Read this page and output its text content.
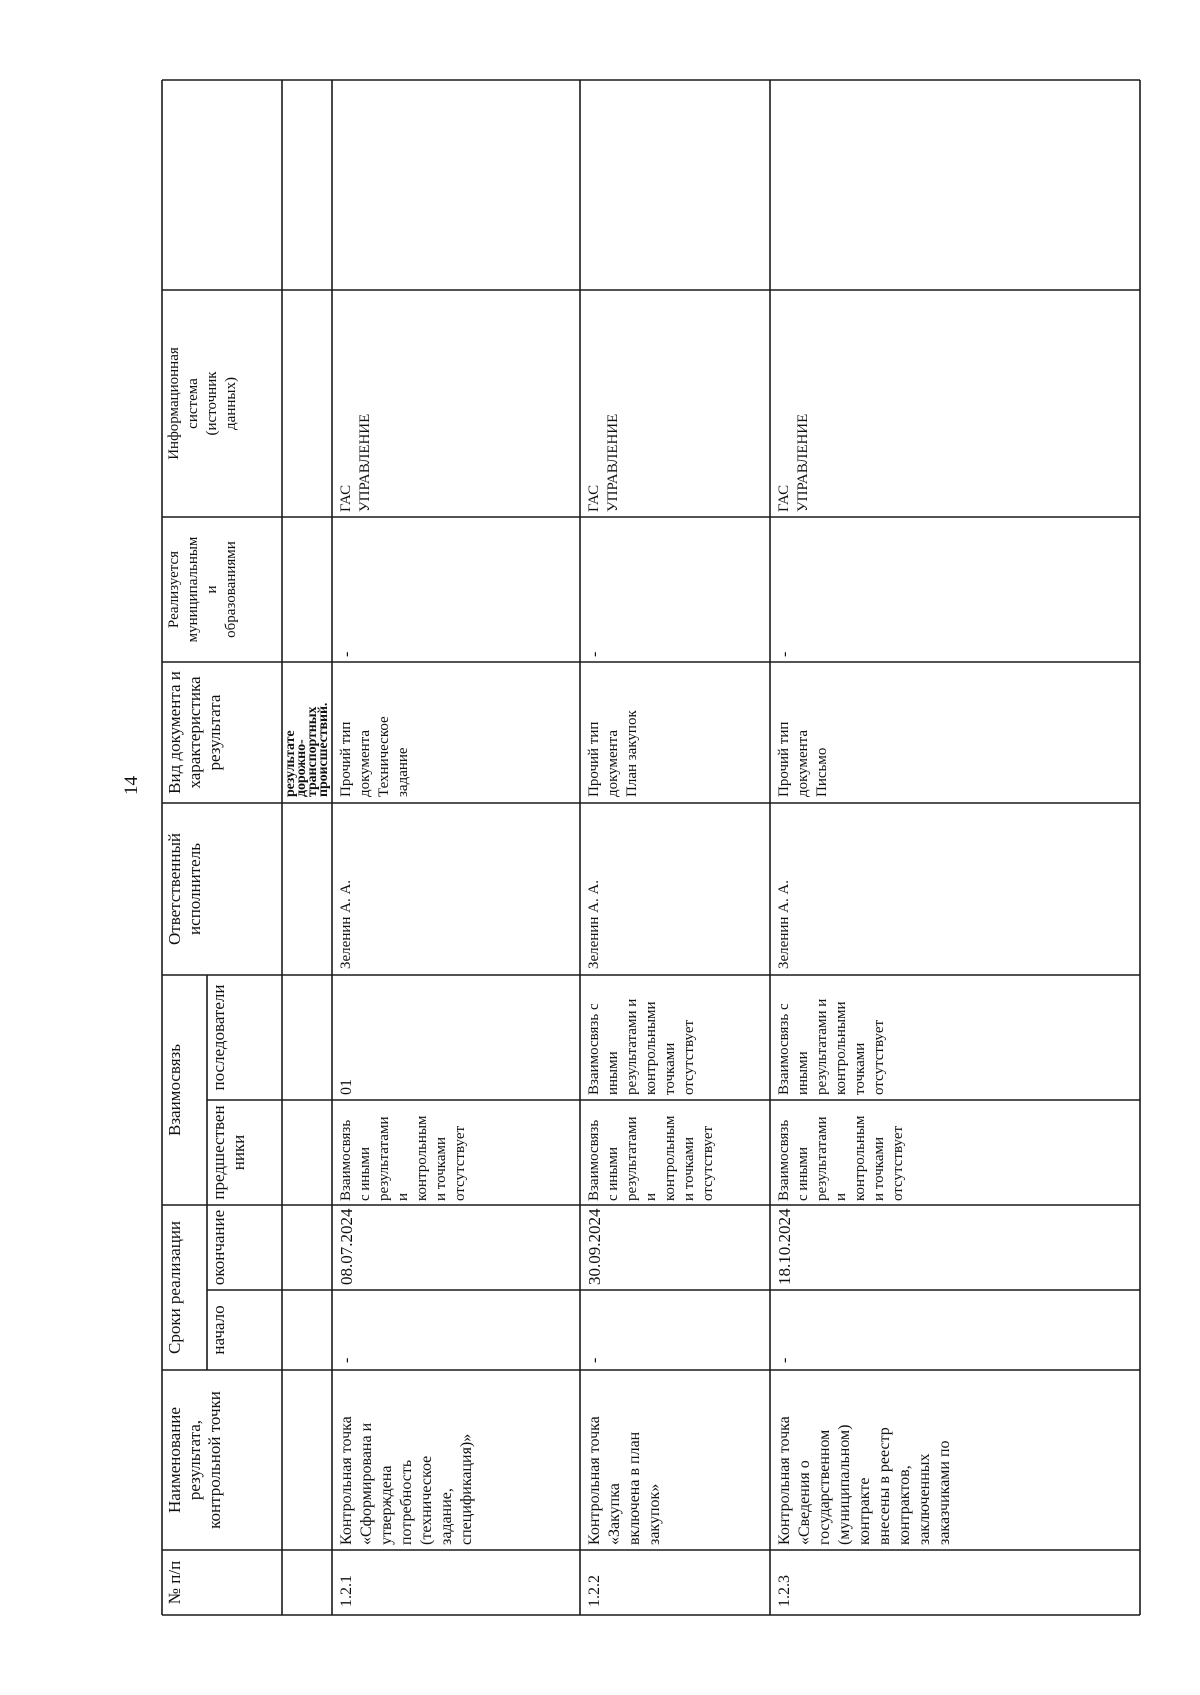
14
№ п/п
Наименование
результата,
контрольной точки
Сроки реализации	начало
окончание
Взаимосвязь
предшествен
ники
последователи
Ответственный
исполнитель
Вид документа и
характеристика
результата
Реализуется
муниципальным
и
образованиями
Информационная
система
(источник
данных)
результате
дорожно-
транспортных
происшествий.
1.2.1
Контрольная точка
«Сформирована и
утверждена
потребность
(техническое
задание,
спецификация)»
-
08.07.2024
Взаимосвязь
с иными
результатами
и
контрольным
и точками
отсутствует
01
Зеленин А. А.
Прочий тип
документа
Техническое
задание
-
ГАС
УПРАВЛЕНИЕ
1.2.2
Контрольная точка
«Закупка
включена в план
закупок»
-
30.09.2024
Взаимосвязь
с иными
результатами
и
контрольным
и точками
отсутствует
Взаимосвязь с
иными
результатами и
контрольными
точками
отсутствует
Зеленин А. А.
Прочий тип
документа
План закупок
-
ГАС
УПРАВЛЕНИЕ
1.2.3
Контрольная точка
«Сведения о
государственном
(муниципальном)
контракте
внесены в реестр
контрактов,
заключенных
заказчиками по
-
18.10.2024
Взаимосвязь
с иными
результатами
и
контрольным
и точками
отсутствует
Взаимосвязь с
иными
результатами и
контрольными
точками
отсутствует
Зеленин А. А.
Прочий тип
документа
Письмо
-
ГАС
УПРАВЛЕНИЕ
